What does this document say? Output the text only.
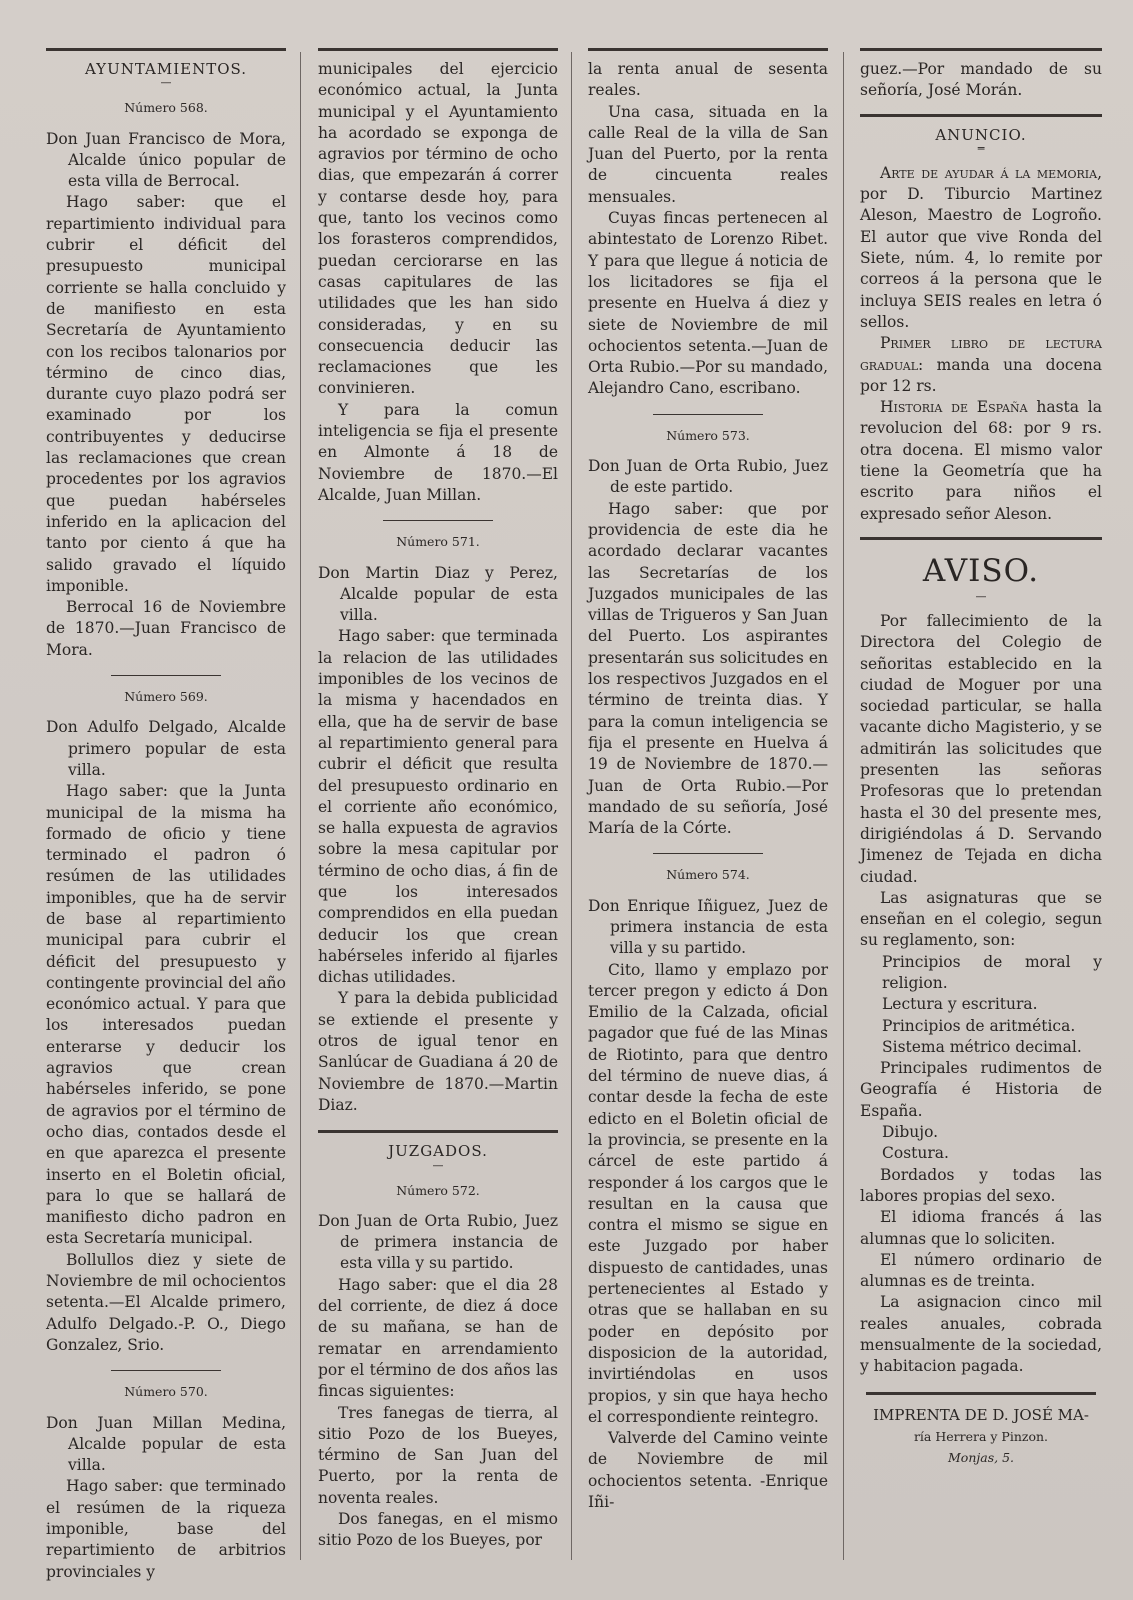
AYUNTAMIENTOS.
—
Número 568.

Don Juan Francisco de Mora, Alcalde único popular de esta villa de Berrocal.

Hago saber: que el repartimiento individual para cubrir el déficit del presupuesto municipal corriente se halla concluido y de manifiesto en esta Secretaría de Ayuntamiento con los recibos talonarios por término de cinco dias, durante cuyo plazo podrá ser examinado por los contribuyentes y deducirse las reclamaciones que crean procedentes por los agravios que puedan habérseles inferido en la aplicacion del tanto por ciento á que ha salido gravado el líquido imponible.

Berrocal 16 de Noviembre de 1870.—Juan Francisco de Mora.

Número 569.

Don Adulfo Delgado, Alcalde primero popular de esta villa.

Hago saber: que la Junta municipal de la misma ha formado de oficio y tiene terminado el padron ó resúmen de las utilidades imponibles, que ha de servir de base al repartimiento municipal para cubrir el déficit del presupuesto y contingente provincial del año económico actual. Y para que los interesados puedan enterarse y deducir los agravios que crean habérseles inferido, se pone de agravios por el término de ocho dias, contados desde el en que aparezca el presente inserto en el Boletin oficial, para lo que se hallará de manifiesto dicho padron en esta Secretaría municipal.

Bollullos diez y siete de Noviembre de mil ochocientos setenta.—El Alcalde primero, Adulfo Delgado.-P. O., Diego Gonzalez, Srio.

Número 570.

Don Juan Millan Medina, Alcalde popular de esta villa.

Hago saber: que terminado el resúmen de la riqueza imponible, base del repartimiento de arbitrios provinciales y

municipales del ejercicio económico actual, la Junta municipal y el Ayuntamiento ha acordado se exponga de agravios por término de ocho dias, que empezarán á correr y contarse desde hoy, para que, tanto los vecinos como los forasteros comprendidos, puedan cerciorarse en las casas capitulares de las utilidades que les han sido consideradas, y en su consecuencia deducir las reclamaciones que les convinieren.

Y para la comun inteligencia se fija el presente en Almonte á 18 de Noviembre de 1870.—El Alcalde, Juan Millan.

Número 571.

Don Martin Diaz y Perez, Alcalde popular de esta villa.

Hago saber: que terminada la relacion de las utilidades imponibles de los vecinos de la misma y hacendados en ella, que ha de servir de base al repartimiento general para cubrir el déficit que resulta del presupuesto ordinario en el corriente año económico, se halla expuesta de agravios sobre la mesa capitular por término de ocho dias, á fin de que los interesados comprendidos en ella puedan deducir los que crean habérseles inferido al fijarles dichas utilidades.

Y para la debida publicidad se extiende el presente y otros de igual tenor en Sanlúcar de Guadiana á 20 de Noviembre de 1870.—Martin Diaz.

JUZGADOS.
—
Número 572.

Don Juan de Orta Rubio, Juez de primera instancia de esta villa y su partido.

Hago saber: que el dia 28 del corriente, de diez á doce de su mañana, se han de rematar en arrendamiento por el término de dos años las fincas siguientes:

Tres fanegas de tierra, al sitio Pozo de los Bueyes, término de San Juan del Puerto, por la renta de noventa reales.

Dos fanegas, en el mismo sitio Pozo de los Bueyes, por

la renta anual de sesenta reales.

Una casa, situada en la calle Real de la villa de San Juan del Puerto, por la renta de cincuenta reales mensuales.

Cuyas fincas pertenecen al abintestato de Lorenzo Ribet. Y para que llegue á noticia de los licitadores se fija el presente en Huelva á diez y siete de Noviembre de mil ochocientos setenta.—Juan de Orta Rubio.—Por su mandado, Alejandro Cano, escribano.

Número 573.

Don Juan de Orta Rubio, Juez de este partido.

Hago saber: que por providencia de este dia he acordado declarar vacantes las Secretarías de los Juzgados municipales de las villas de Trigueros y San Juan del Puerto. Los aspirantes presentarán sus solicitudes en los respectivos Juzgados en el término de treinta dias. Y para la comun inteligencia se fija el presente en Huelva á 19 de Noviembre de 1870.—Juan de Orta Rubio.—Por mandado de su señoría, José María de la Córte.

Número 574.

Don Enrique Iñiguez, Juez de primera instancia de esta villa y su partido.

Cito, llamo y emplazo por tercer pregon y edicto á Don Emilio de la Calzada, oficial pagador que fué de las Minas de Riotinto, para que dentro del término de nueve dias, á contar desde la fecha de este edicto en el Boletin oficial de la provincia, se presente en la cárcel de este partido á responder á los cargos que le resultan en la causa que contra el mismo se sigue en este Juzgado por haber dispuesto de cantidades, unas pertenecientes al Estado y otras que se hallaban en su poder en depósito por disposicion de la autoridad, invirtiéndolas en usos propios, y sin que haya hecho el correspondiente reintegro.

Valverde del Camino veinte de Noviembre de mil ochocientos setenta. -Enrique Iñi-

guez.—Por mandado de su señoría, José Morán.

ANUNCIO.
═

Arte de ayudar á la memoria, por D. Tiburcio Martinez Aleson, Maestro de Logroño. El autor que vive Ronda del Siete, núm. 4, lo remite por correos á la persona que le incluya SEIS reales en letra ó sellos.

Primer libro de lectura gradual: manda una docena por 12 rs.

Historia de España hasta la revolucion del 68: por 9 rs. otra docena. El mismo valor tiene la Geometría que ha escrito para niños el expresado señor Aleson.

AVISO.
—

Por fallecimiento de la Directora del Colegio de señoritas establecido en la ciudad de Moguer por una sociedad particular, se halla vacante dicho Magisterio, y se admitirán las solicitudes que presenten las señoras Profesoras que lo pretendan hasta el 30 del presente mes, dirigiéndolas á D. Servando Jimenez de Tejada en dicha ciudad.

Las asignaturas que se enseñan en el colegio, segun su reglamento, son:

Principios de moral y religion.

Lectura y escritura.

Principios de aritmética.

Sistema métrico decimal.

Principales rudimentos de Geografía é Historia de España.

Dibujo.

Costura.

Bordados y todas las labores propias del sexo.

El idioma francés á las alumnas que lo soliciten.

El número ordinario de alumnas es de treinta.

La asignacion cinco mil reales anuales, cobrada mensualmente de la sociedad, y habitacion pagada.

IMPRENTA DE D. JOSÉ MA-
ría Herrera y Pinzon.
Monjas, 5.
